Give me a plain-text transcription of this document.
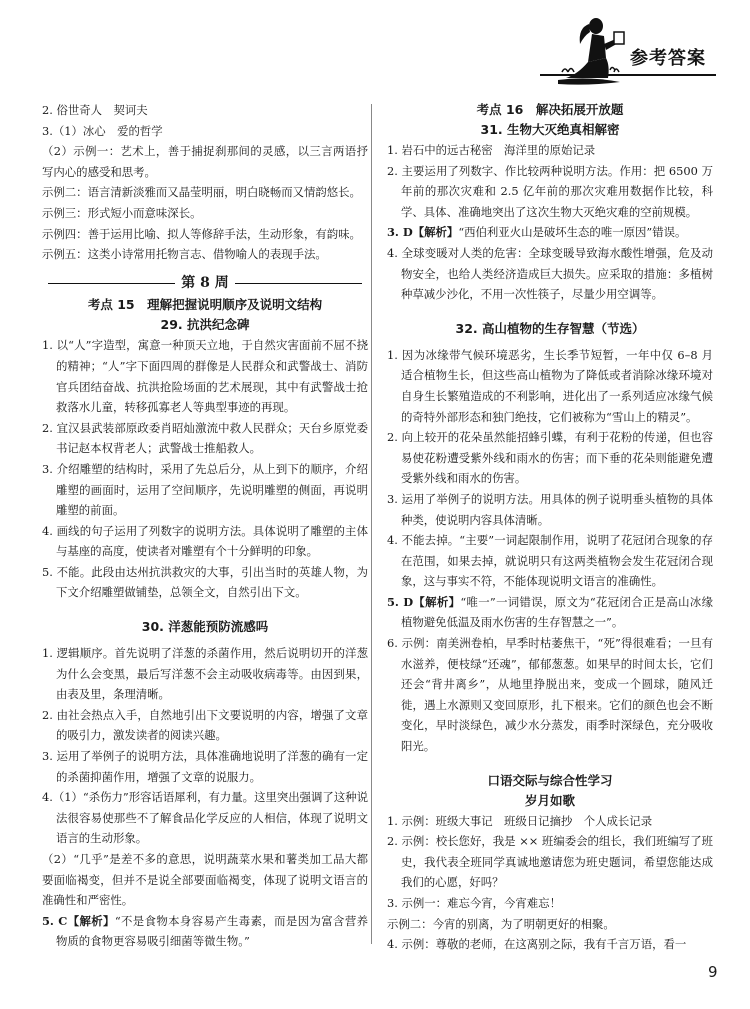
参考答案

2. 俗世奇人　契诃夫

3.（1）冰心　爱的哲学

（2）示例一：艺术上，善于捕捉刹那间的灵感，以三言两语抒写内心的感受和思考。

示例二：语言清新淡雅而又晶莹明丽，明白晓畅而又情韵悠长。

示例三：形式短小而意味深长。

示例四：善于运用比喻、拟人等修辞手法，生动形象，有韵味。

示例五：这类小诗常用托物言志、借物喻人的表现手法。

第 8 周
考点 15　理解把握说明顺序及说明文结构
29. 抗洪纪念碑

1. 以“人”字造型，寓意一种顶天立地，于自然灾害面前不屈不挠的精神；“人”字下面四周的群像是人民群众和武警战士、消防官兵团结奋战、抗洪抢险场面的艺术展现，其中有武警战士抢救落水儿童，转移孤寡老人等典型事迹的再现。

2. 宜汉县武装部原政委肖昭灿激流中救人民群众；天台乡原党委书记赵本权背老人；武警战士推船救人。

3. 介绍雕塑的结构时，采用了先总后分，从上到下的顺序，介绍雕塑的画面时，运用了空间顺序，先说明雕塑的侧面，再说明雕塑的前面。

4. 画线的句子运用了列数字的说明方法。具体说明了雕塑的主体与基座的高度，使读者对雕塑有个十分鲜明的印象。

5. 不能。此段由达州抗洪救灾的大事，引出当时的英雄人物，为下文介绍雕塑做铺垫，总领全文，自然引出下文。

30. 洋葱能预防流感吗

1. 逻辑顺序。首先说明了洋葱的杀菌作用，然后说明切开的洋葱为什么会变黑，最后写洋葱不会主动吸收病毒等。由因到果，由表及里，条理清晰。

2. 由社会热点入手，自然地引出下文要说明的内容，增强了文章的吸引力，激发读者的阅读兴趣。

3. 运用了举例子的说明方法，具体准确地说明了洋葱的确有一定的杀菌抑菌作用，增强了文章的说服力。

4.（1）“杀伤力”形容话语犀利，有力量。这里突出强调了这种说法很容易使那些不了解食品化学反应的人相信，体现了说明文语言的生动形象。

（2）“几乎”是差不多的意思，说明蔬菜水果和薯类加工品大都要面临褐变，但并不是说全部要面临褐变，体现了说明文语言的准确性和严密性。

5. C【解析】“不是食物本身容易产生毒素，而是因为富含营养物质的食物更容易吸引细菌等微生物。”

考点 16　解决拓展开放题
31. 生物大灭绝真相解密

1. 岩石中的远古秘密　海洋里的原始记录

2. 主要运用了列数字、作比较两种说明方法。作用：把 6500 万年前的那次灾难和 2.5 亿年前的那次灾难用数据作比较，科学、具体、准确地突出了这次生物大灭绝灾难的空前规模。

3. D【解析】“西伯利亚火山是破坏生态的唯一原因”错误。

4. 全球变暖对人类的危害：全球变暖导致海水酸性增强，危及动物安全，也给人类经济造成巨大损失。应采取的措施：多植树种草减少沙化，不用一次性筷子，尽量少用空调等。

32. 高山植物的生存智慧（节选）

1. 因为冰缘带气候环境恶劣，生长季节短暂，一年中仅 6–8 月适合植物生长，但这些高山植物为了降低或者消除冰缘环境对自身生长繁殖造成的不利影响，进化出了一系列适应冰缘气候的奇特外部形态和独门绝技，它们被称为“雪山上的精灵”。

2. 向上较开的花朵虽然能招蜂引蝶，有利于花粉的传递，但也容易使花粉遭受紫外线和雨水的伤害；而下垂的花朵则能避免遭受紫外线和雨水的伤害。

3. 运用了举例子的说明方法。用具体的例子说明垂头植物的具体种类，使说明内容具体清晰。

4. 不能去掉。“主要”一词起限制作用，说明了花冠闭合现象的存在范围，如果去掉，就说明只有这两类植物会发生花冠闭合现象，这与事实不符，不能体现说明文语言的准确性。

5. D【解析】“唯一”一词错误，原文为“花冠闭合正是高山冰缘植物避免低温及雨水伤害的生存智慧之一”。

6. 示例：南美洲卷柏，早季时枯萎焦干，“死”得很难看；一旦有水滋养，便枝绿“还魂”，郁郁葱葱。如果早的时间太长，它们还会“背井离乡”，从地里挣脱出来，变成一个圆球，随风迁徙，遇上水源则又变回原形，扎下根来。它们的颜色也会不断变化，早时淡绿色，减少水分蒸发，雨季时深绿色，充分吸收阳光。

口语交际与综合性学习
岁月如歌

1. 示例：班级大事记　班级日记摘抄　个人成长记录

2. 示例：校长您好，我是 ×× 班编委会的组长，我们班编写了班史，我代表全班同学真诚地邀请您为班史题词，希望您能达成我们的心愿，好吗？

3. 示例一：难忘今宵，今宵难忘！

示例二：今宵的别离，为了明朝更好的相聚。

4. 示例：尊敬的老师，在这离别之际，我有千言万语，看一

9
